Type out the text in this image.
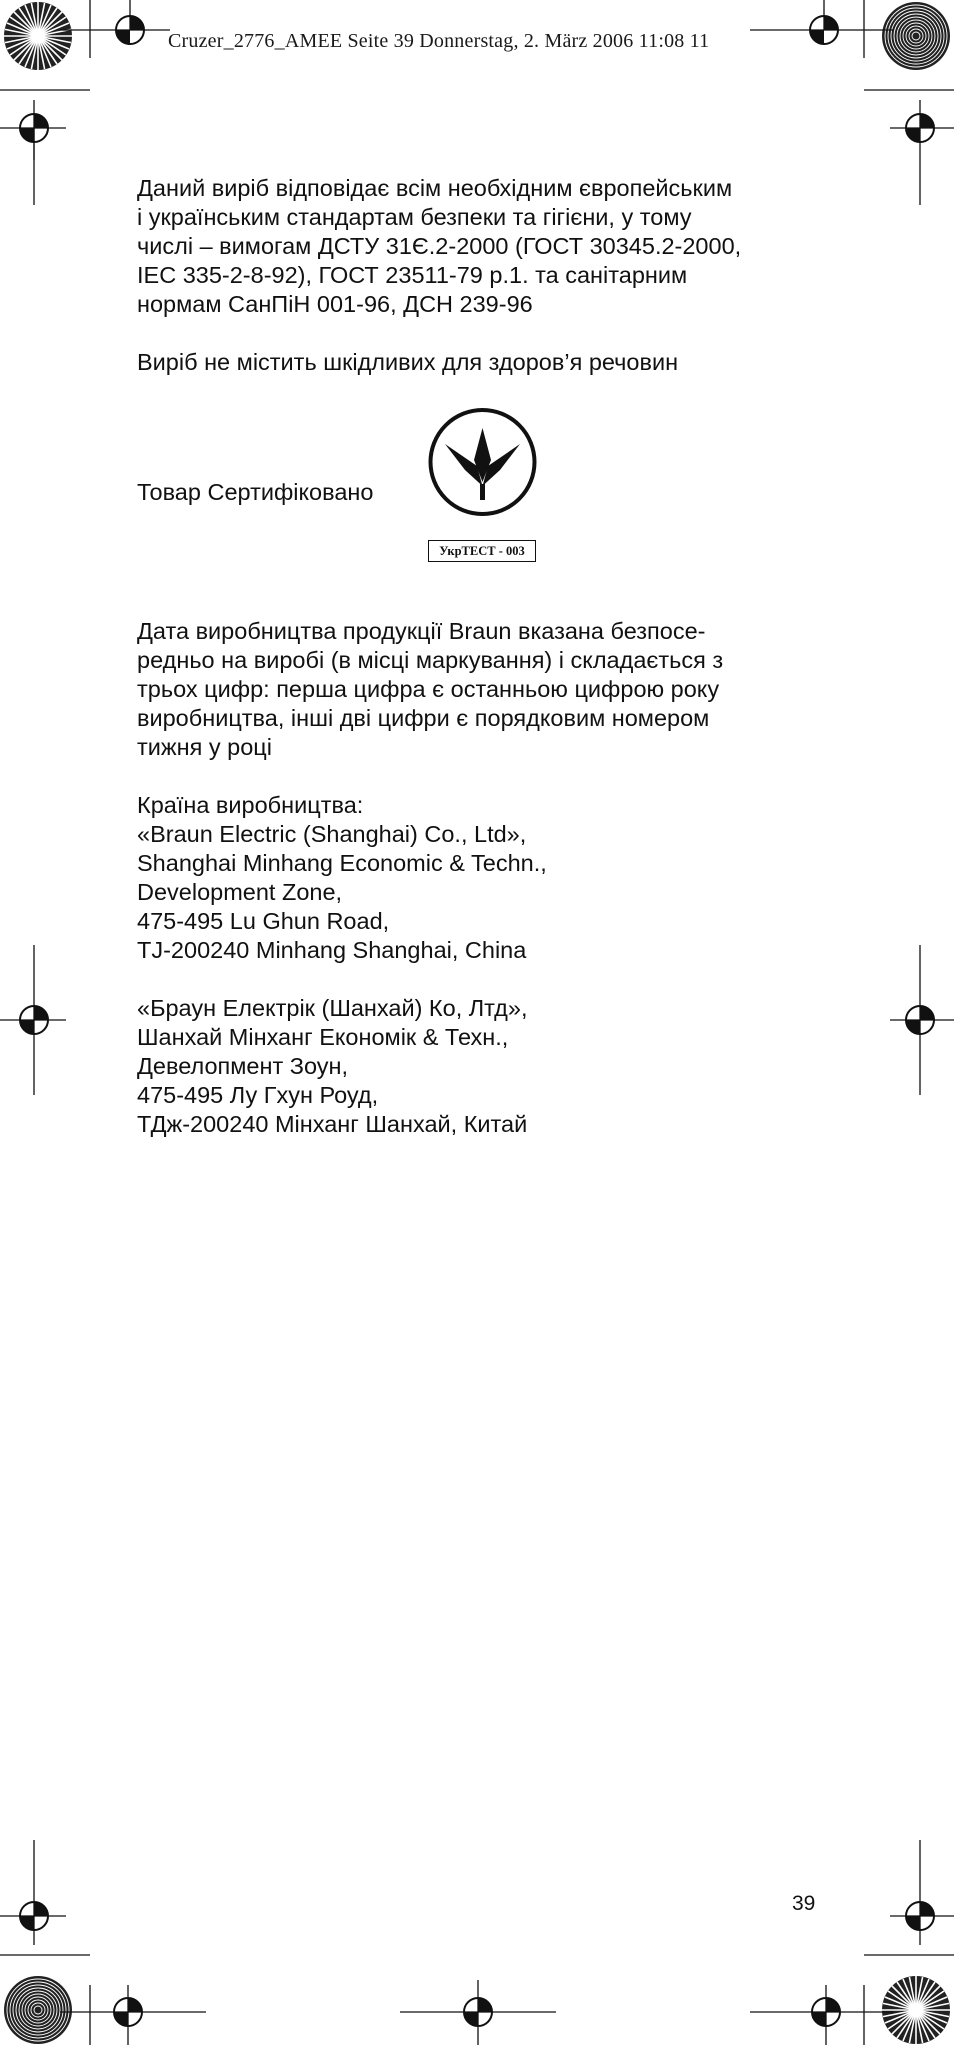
Cruzer_2776_AMEE Seite 39 Donnerstag, 2. März 2006 11:08 11

Даний виріб відповідає всім необхідним європейським
і українським стандартам безпеки та гігієни, у тому
числі – вимогам ДСТУ 31Є.2-2000 (ГОСТ 30345.2-2000,
IEC 335-2-8-92), ГОСТ 23511-79 р.1. та санітарним
нормам СанПіН 001-96, ДСН 239-96

Виріб не містить шкідливих для здоров’я речовин

Товар Сертифіковано
УкрТЕСТ - 003

Дата виробництва продукції Braun вказана безпосе-
редньо на виробі (в місці маркування) і складається з
трьох цифр: перша цифра є останньою цифрою року
виробництва, інші дві цифри є порядковим номером
тижня у році

Країна виробництва:
«Braun Electric (Shanghai) Co., Ltd»,
Shanghai Minhang Economic & Techn.,
Development Zone,
475-495 Lu Ghun Road,
TJ-200240 Minhang Shanghai, China

«Браун Електрік (Шанхай) Ко, Лтд»,
Шанхай Мінханг Економік & Техн.,
Девелопмент Зоун,
475-495 Лу Гхун Роуд,
ТДж-200240 Мінханг Шанхай, Китай

39
